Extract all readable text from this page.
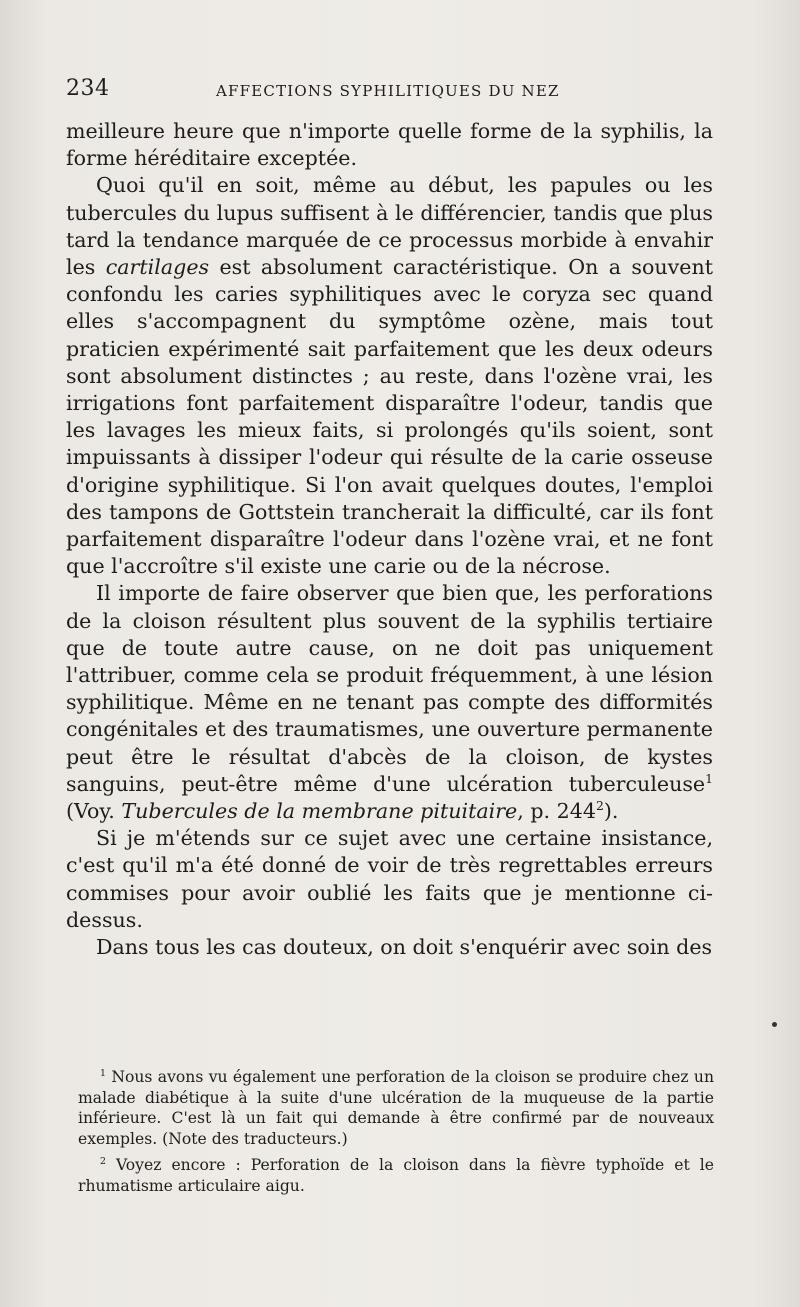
234	AFFECTIONS SYPHILITIQUES DU NEZ

meilleure heure que n'importe quelle forme de la syphilis, la forme héréditaire exceptée.

Quoi qu'il en soit, même au début, les papules ou les tubercules du lupus suffisent à le différencier, tandis que plus tard la tendance marquée de ce processus morbide à envahir les cartilages est absolument caractéristique. On a souvent confondu les caries syphilitiques avec le coryza sec quand elles s'accompagnent du symptôme ozène, mais tout praticien expérimenté sait parfaitement que les deux odeurs sont absolument distinctes ; au reste, dans l'ozène vrai, les irrigations font parfaitement disparaître l'odeur, tandis que les lavages les mieux faits, si prolongés qu'ils soient, sont impuissants à dissiper l'odeur qui résulte de la carie osseuse d'origine syphilitique. Si l'on avait quelques doutes, l'emploi des tampons de Gottstein trancherait la difficulté, car ils font parfaitement disparaître l'odeur dans l'ozène vrai, et ne font que l'accroître s'il existe une carie ou de la nécrose.

Il importe de faire observer que bien que, les perforations de la cloison résultent plus souvent de la syphilis tertiaire que de toute autre cause, on ne doit pas uniquement l'attribuer, comme cela se produit fréquemment, à une lésion syphilitique. Même en ne tenant pas compte des difformités congénitales et des traumatismes, une ouverture permanente peut être le résultat d'abcès de la cloison, de kystes sanguins, peut-être même d'une ulcération tuberculeuse$^1$ (Voy. Tubercules de la membrane pituitaire, p. $244^2$).

Si je m'étends sur ce sujet avec une certaine insistance, c'est qu'il m'a été donné de voir de très regrettables erreurs commises pour avoir oublié les faits que je mentionne ci-dessus.

Dans tous les cas douteux, on doit s'enquérir avec soin des

$^1$ Nous avons vu également une perforation de la cloison se produire chez un malade diabétique à la suite d'une ulcération de la muqueuse de la partie inférieure. C'est là un fait qui demande à être confirmé par de nouveaux exemples. (Note des traducteurs.)

$^2$ Voyez encore : Perforation de la cloison dans la fièvre typhoïde et le rhumatisme articulaire aigu.
